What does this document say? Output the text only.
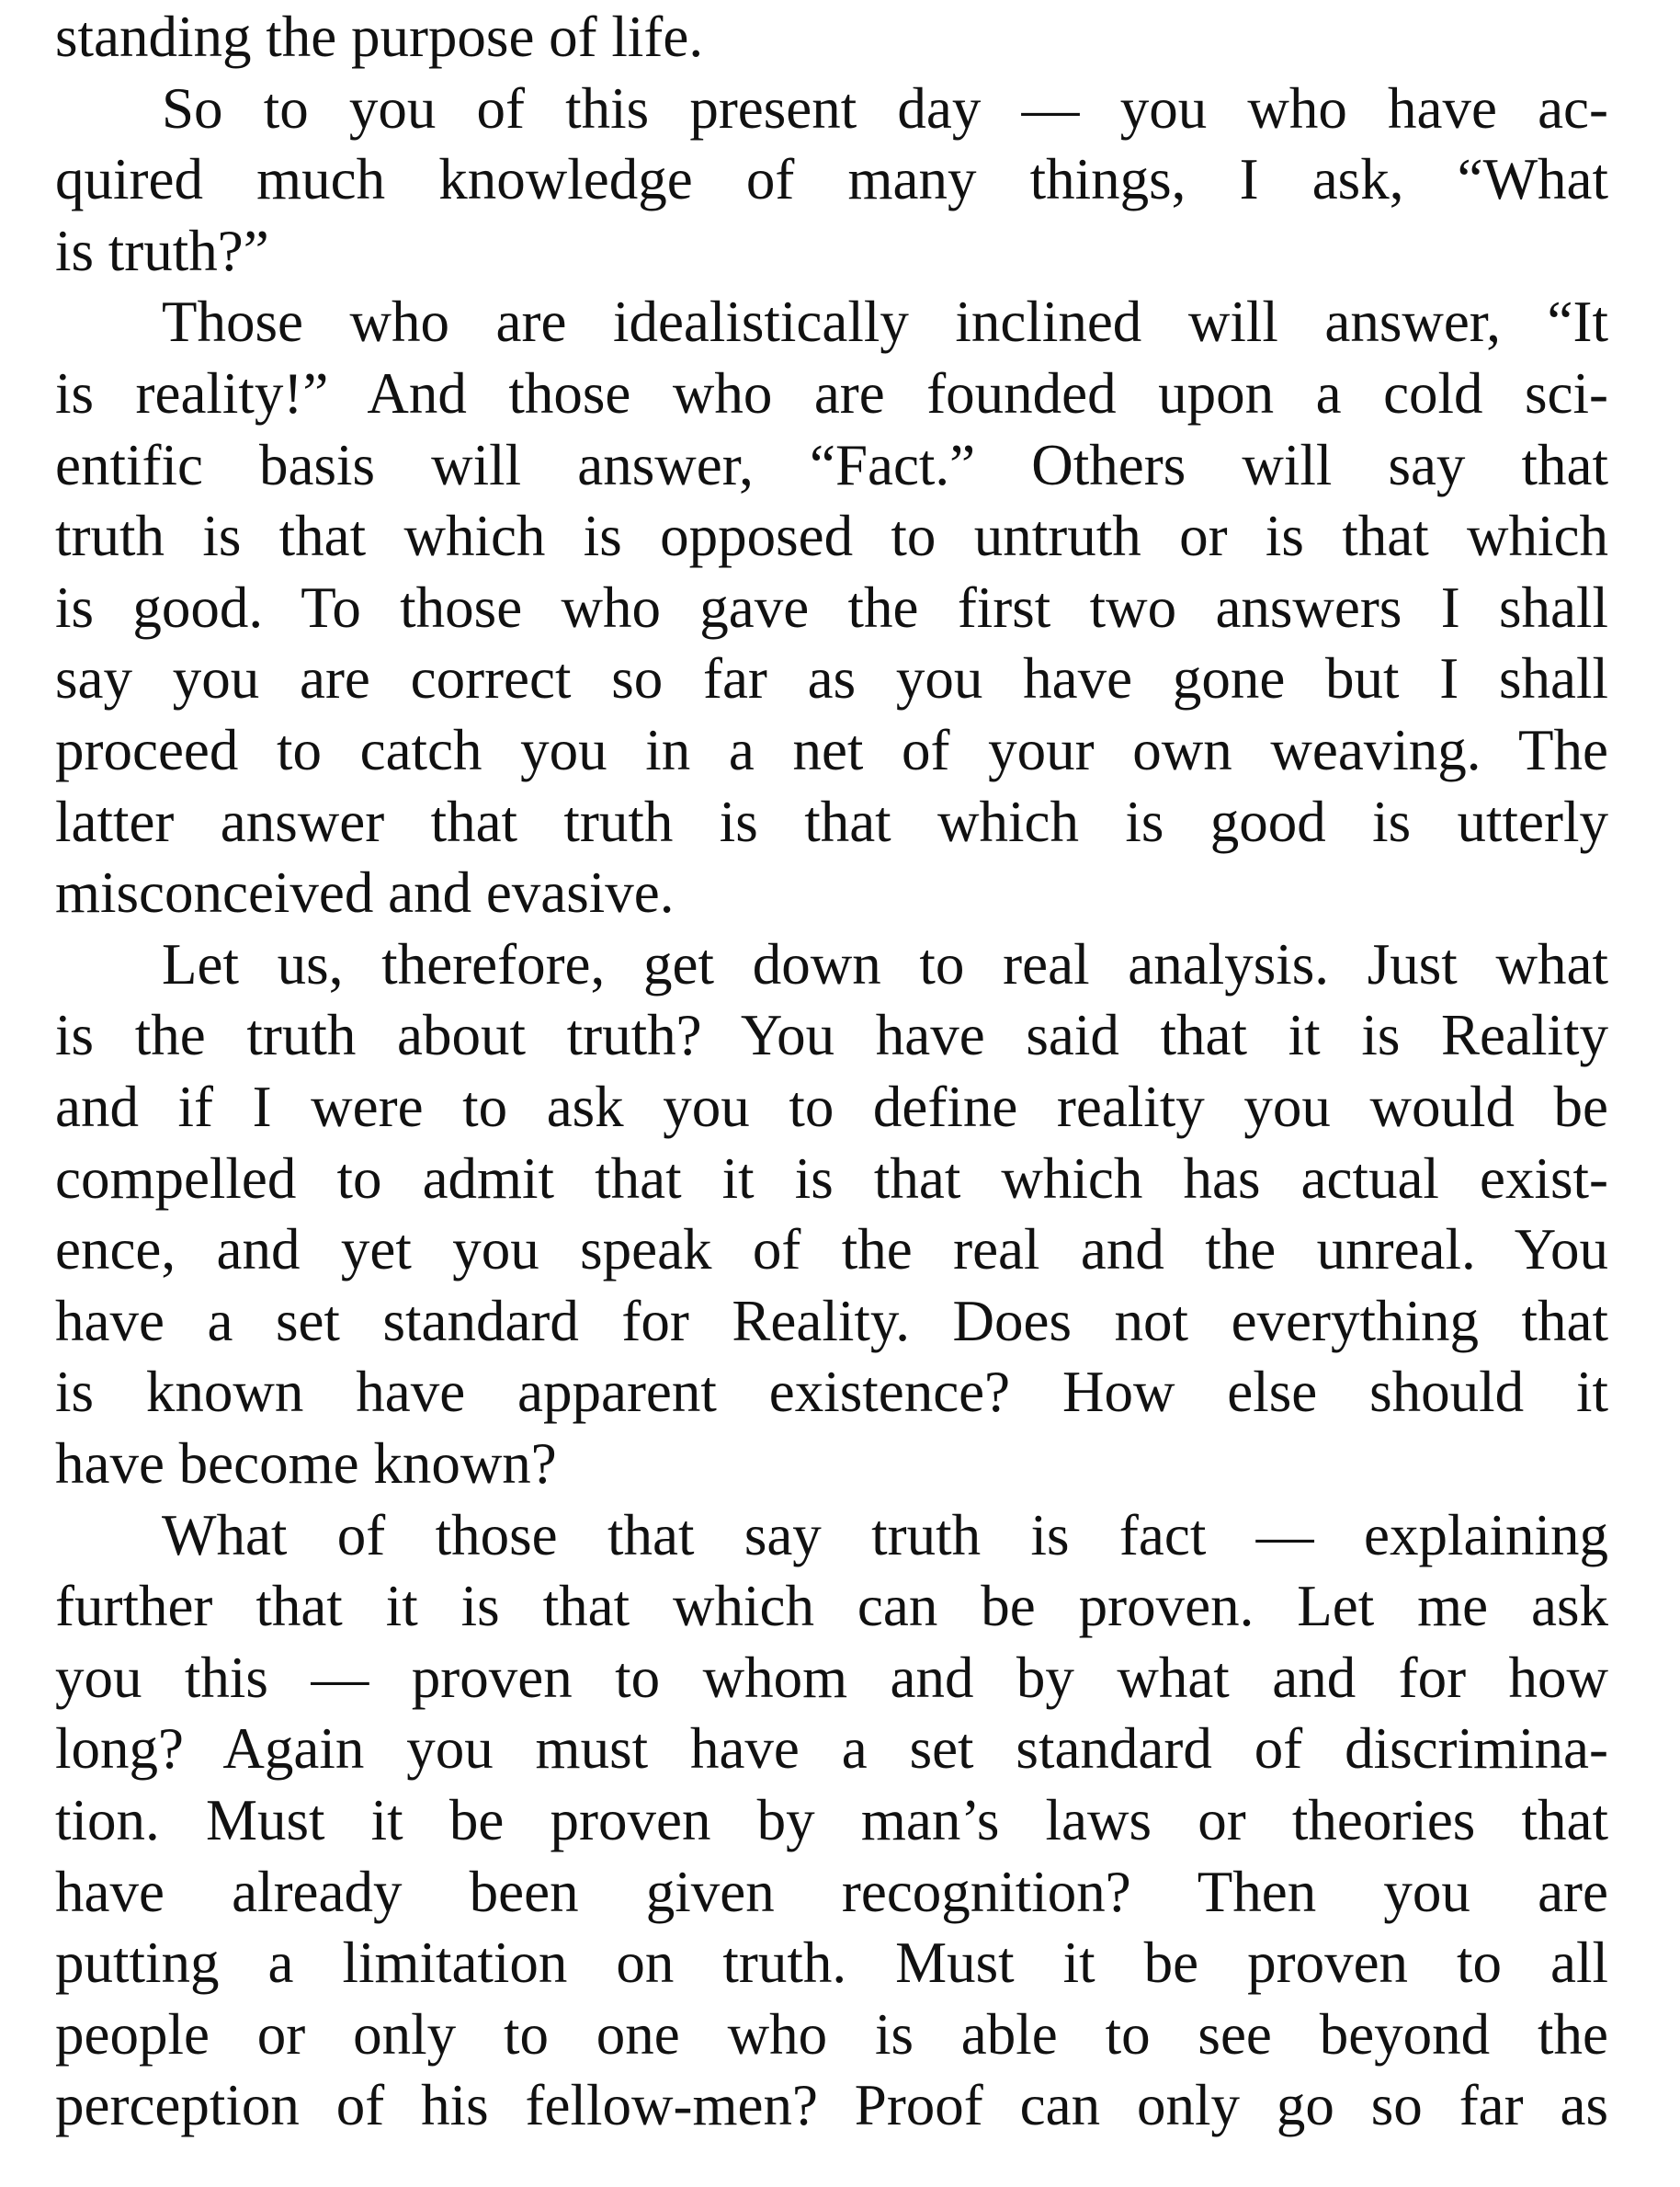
standing the purpose of life.
So to you of this present day — you who have ac-
quired much knowledge of many things, I ask, “What
is truth?”
Those who are idealistically inclined will answer, “It
is reality!” And those who are founded upon a cold sci-
entific basis will answer, “Fact.” Others will say that
truth is that which is opposed to untruth or is that which
is good. To those who gave the first two answers I shall
say you are correct so far as you have gone but I shall
proceed to catch you in a net of your own weaving. The
latter answer that truth is that which is good is utterly
misconceived and evasive.
Let us, therefore, get down to real analysis. Just what
is the truth about truth? You have said that it is Reality
and if I were to ask you to define reality you would be
compelled to admit that it is that which has actual exist-
ence, and yet you speak of the real and the unreal. You
have a set standard for Reality. Does not everything that
is known have apparent existence? How else should it
have become known?
What of those that say truth is fact — explaining
further that it is that which can be proven. Let me ask
you this — proven to whom and by what and for how
long? Again you must have a set standard of discrimina-
tion. Must it be proven by man’s laws or theories that
have already been given recognition? Then you are
putting a limitation on truth. Must it be proven to all
people or only to one who is able to see beyond the
perception of his fellow-men? Proof can only go so far as
